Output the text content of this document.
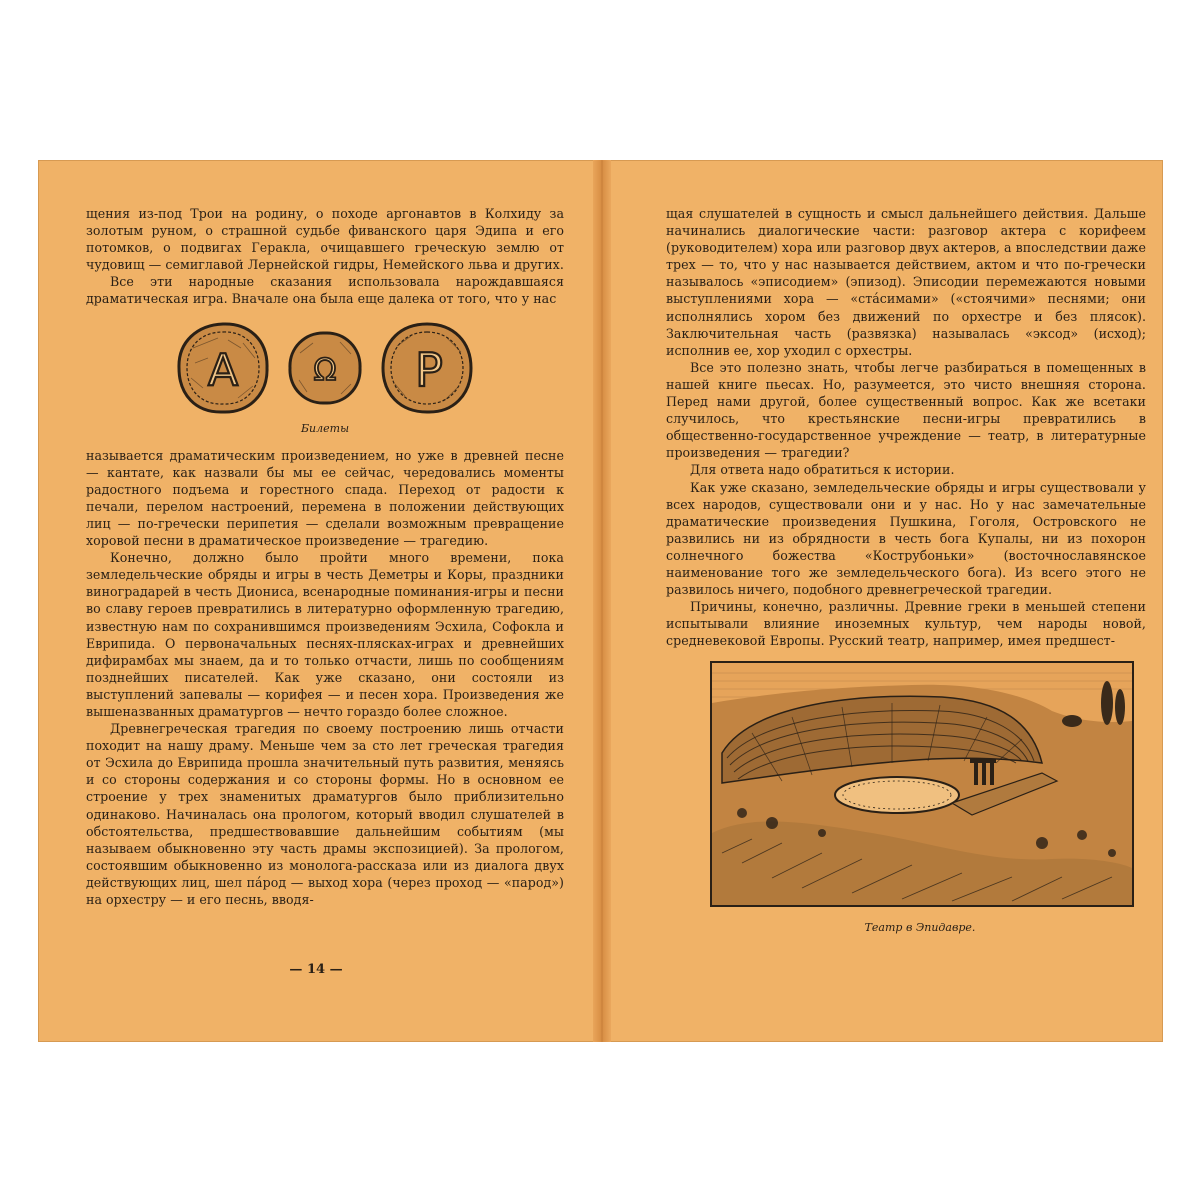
щения из-под Трои на родину, о походе аргонавтов в Колхиду за золотым руном, о страшной судьбе фиванского царя Эдипа и его потомков, о подвигах Геракла, очищавшего греческую землю от чудовищ — семиглавой Лернейской гидры, Немейского льва и других.

Все эти народные сказания использовала нарождавшаяся драматическая игра. Вначале она была еще далека от того, что у нас

А	Ω Р

Билеты

называется драматическим произведением, но уже в древней песне — кантате, как назвали бы мы ее сейчас, чередовались моменты радостного подъема и горестного спада. Переход от радости к печали, перелом настроений, перемена в положении действующих лиц — по-гречески перипетия — сделали возможным превращение хоровой песни в драматическое произведение — трагедию.

Конечно, должно было пройти много времени, пока земледельческие обряды и игры в честь Деметры и Коры, праздники виноградарей в честь Диониса, всенародные поминания-игры и песни во славу героев превратились в литературно оформленную трагедию, известную нам по сохранившимся произведениям Эсхила, Софокла и Еврипида. О первоначальных песнях-плясках-играх и древнейших дифирамбах мы знаем, да и то только отчасти, лишь по сообщениям позднейших писателей. Как уже сказано, они состояли из выступлений запевалы — корифея — и песен хора. Произведения же вышеназванных драматургов — нечто гораздо более сложное.

Древнегреческая трагедия по своему построению лишь отчасти походит на нашу драму. Меньше чем за сто лет греческая трагедия от Эсхила до Еврипида прошла значительный путь развития, меняясь и со стороны содержания и со стороны формы. Но в основном ее строение у трех знаменитых драматургов было приблизительно одинаково. Начиналась она прологом, который вводил слушателей в обстоятельства, предшествовавшие дальнейшим событиям (мы называем обыкновенно эту часть драмы экспозицией). За прологом, состоявшим обыкновенно из монолога-рассказа или из диалога двух действующих лиц, шел пáрод — выход хора (через проход — «парод») на орхестру — и его песнь, вводя-

— 14 —

щая слушателей в сущность и смысл дальнейшего действия. Дальше начинались диалогические части: разговор актера с корифеем (руководителем) хора или разговор двух актеров, а впоследствии даже трех — то, что у нас называется действием, актом и что по-гречески называлось «эписодием» (эпизод). Эписодии перемежаются новыми выступлениями хора — «стáсимами» («стоячими» песнями; они исполнялись хором без движений по орхестре и без плясок). Заключительная часть (развязка) называлась «эксод» (исход); исполнив ее, хор уходил с орхестры.

Все это полезно знать, чтобы легче разбираться в помещенных в нашей книге пьесах. Но, разумеется, это чисто внешняя сторона. Перед нами другой, более существенный вопрос. Как же всетаки случилось, что крестьянские песни-игры превратились в общественно-государственное учреждение — театр, в литературные произведения — трагедии?

Для ответа надо обратиться к истории.

Как уже сказано, земледельческие обряды и игры существовали у всех народов, существовали они и у нас. Но у нас замечательные драматические произведения Пушкина, Гоголя, Островского не развились ни из обрядности в честь бога Купалы, ни из похорон солнечного божества «Кострубоньки» (восточнославянское наименование того же земледельческого бога). Из всего этого не развилось ничего, подобного древнегреческой трагедии.

Причины, конечно, различны. Древние греки в меньшей степени испытывали влияние иноземных культур, чем народы новой, средневековой Европы. Русский театр, например, имея предшест-

Театр в Эпидавре.
